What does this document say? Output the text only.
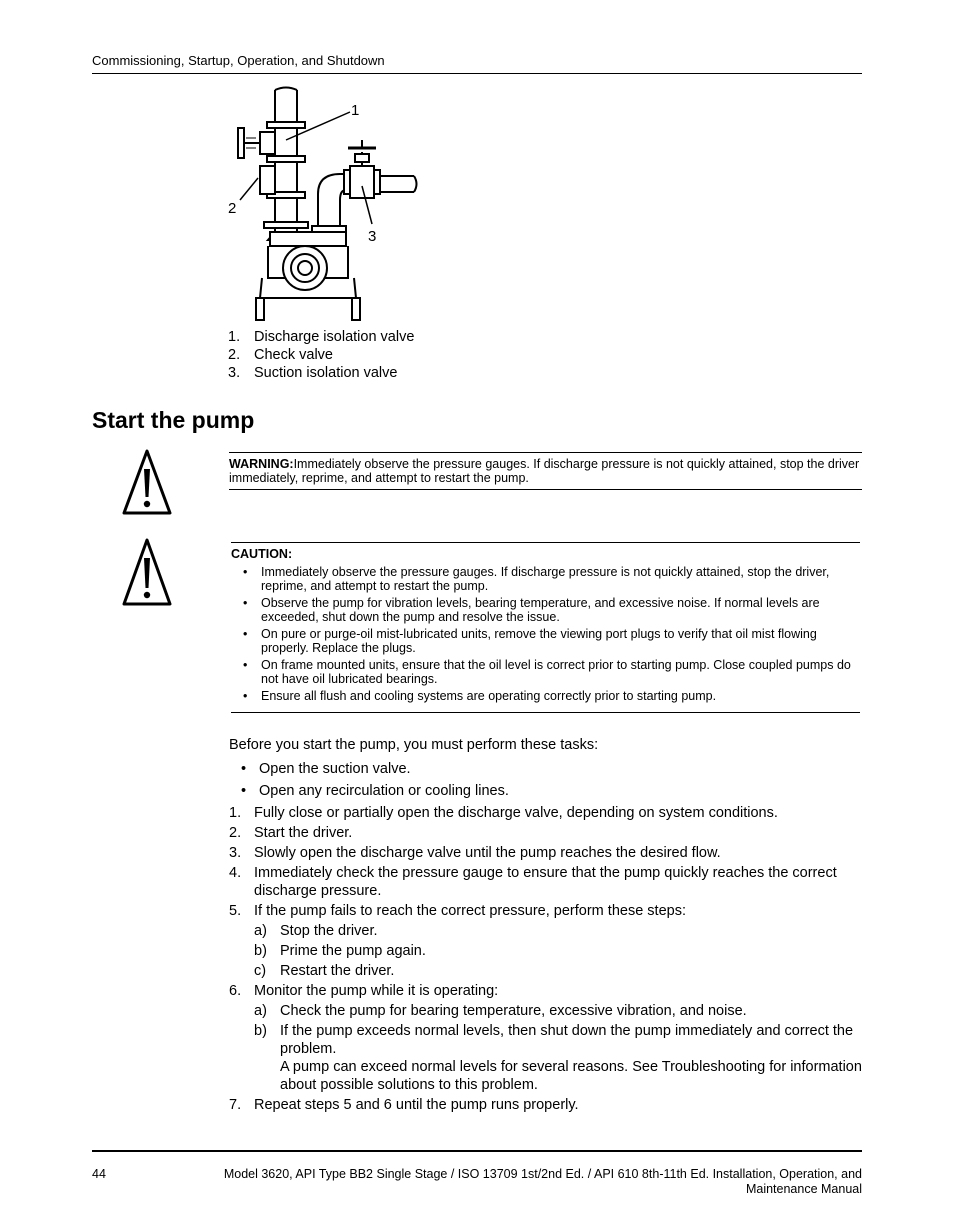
Commissioning, Startup, Operation, and Shutdown
1
2
3
1. Discharge isolation valve
2. Check valve
3. Suction isolation valve
Start the pump
WARNING:Immediately observe the pressure gauges. If discharge pressure is not quickly attained, stop the driver immediately, reprime, and attempt to restart the pump.
CAUTION:
• Immediately observe the pressure gauges. If discharge pressure is not quickly attained, stop the driver, reprime, and attempt to restart the pump.
• Observe the pump for vibration levels, bearing temperature, and excessive noise. If normal levels are exceeded, shut down the pump and resolve the issue.
• On pure or purge-oil mist-lubricated units, remove the viewing port plugs to verify that oil mist flowing properly. Replace the plugs.
• On frame mounted units, ensure that the oil level is correct prior to starting pump. Close coupled pumps do not have oil lubricated bearings.
• Ensure all flush and cooling systems are operating correctly prior to starting pump.

Before you start the pump, you must perform these tasks:

• Open the suction valve.
• Open any recirculation or cooling lines.
1. Fully close or partially open the discharge valve, depending on system conditions.
2. Start the driver.
3. Slowly open the discharge valve until the pump reaches the desired flow.
4. Immediately check the pressure gauge to ensure that the pump quickly reaches the correct discharge pressure.
5. If the pump fails to reach the correct pressure, perform these steps:
a) Stop the driver.
b) Prime the pump again.
c) Restart the driver.
6. Monitor the pump while it is operating:
a) Check the pump for bearing temperature, excessive vibration, and noise.
b) If the pump exceeds normal levels, then shut down the pump immediately and correct the problem.
A pump can exceed normal levels for several reasons. See Troubleshooting for information about possible solutions to this problem.
7. Repeat steps 5 and 6 until the pump runs properly.
44	Model 3620, API Type BB2 Single Stage / ISO 13709 1st/2nd Ed. / API 610 8th-11th Ed. Installation, Operation, and
Maintenance Manual
